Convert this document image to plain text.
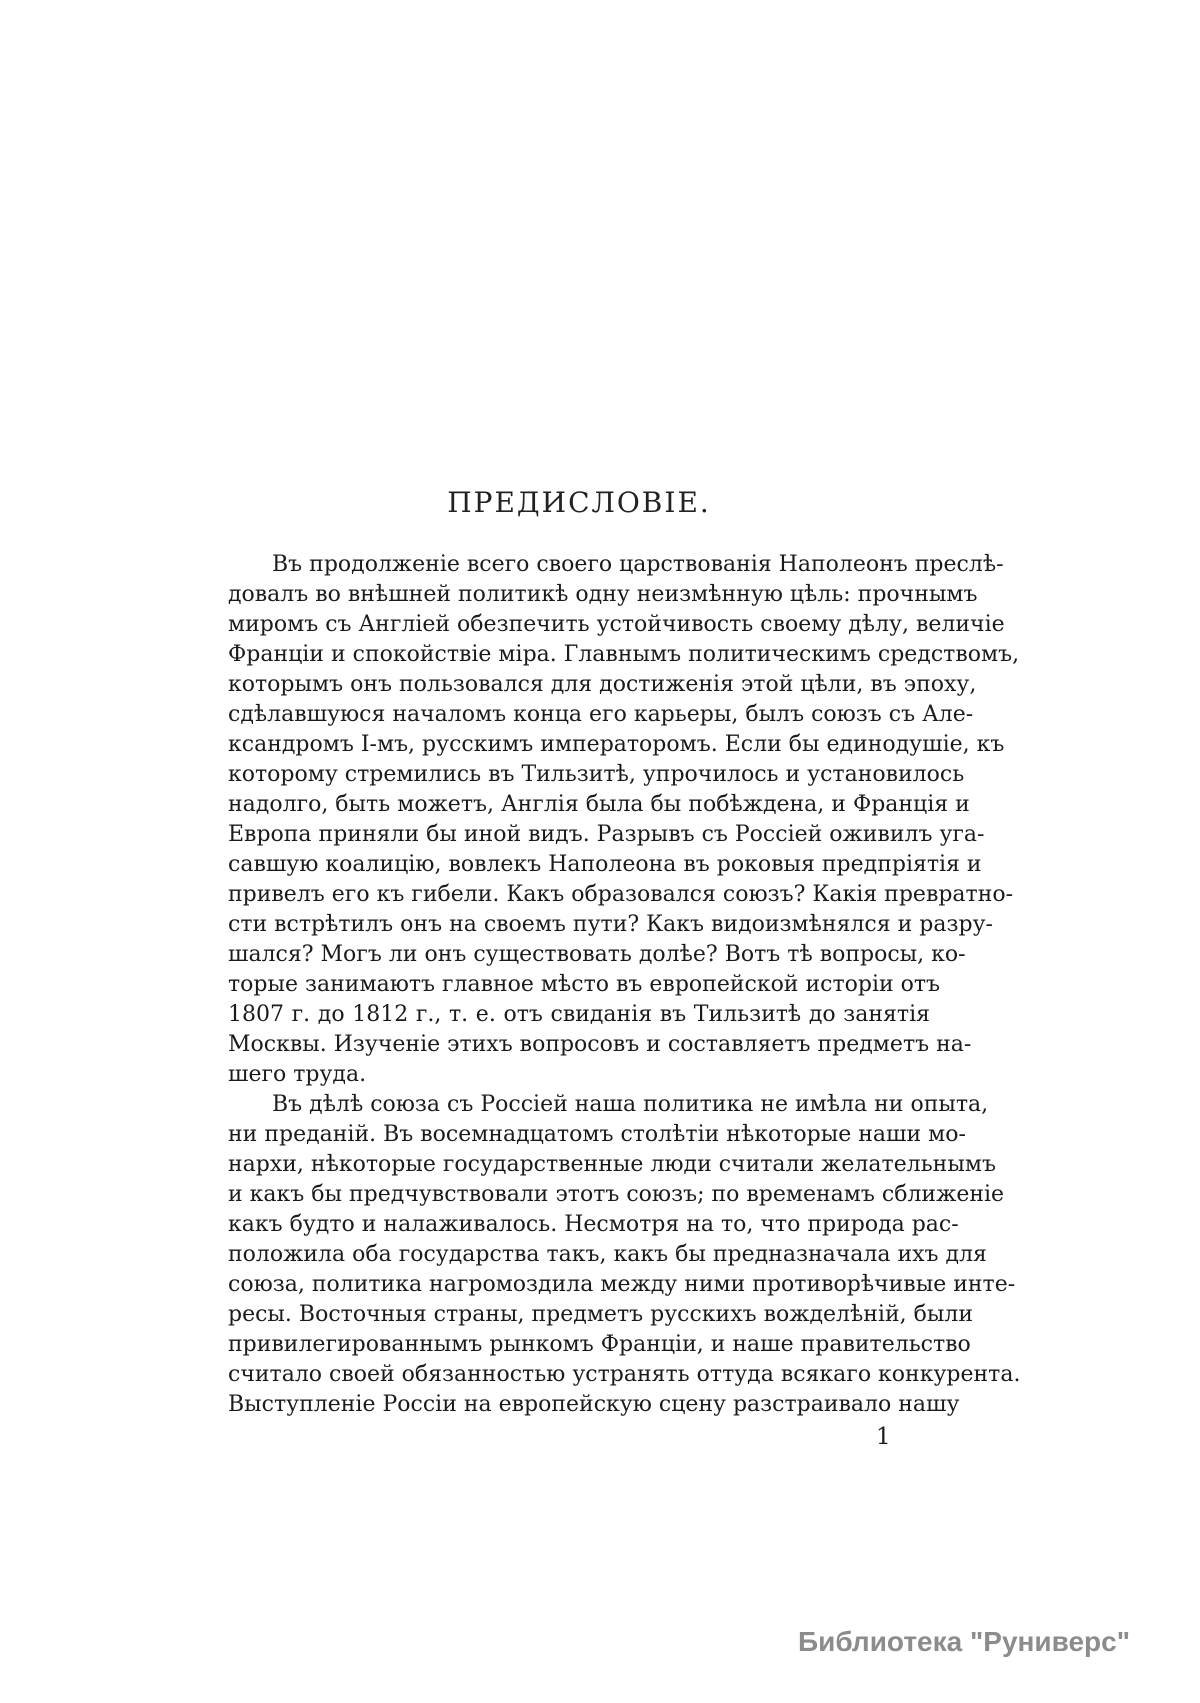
ПРЕДИСЛОВІЕ.
Въ продолженіе всего своего царствованія Наполеонъ преслѣ-
довалъ во внѣшней политикѣ одну неизмѣнную цѣль: прочнымъ
миромъ съ Англіей обезпечить устойчивость своему дѣлу, величіе
Франціи и спокойствіе міра. Главнымъ политическимъ средствомъ,
которымъ онъ пользовался для достиженія этой цѣли, въ эпоху,
сдѣлавшуюся началомъ конца его карьеры, былъ союзъ съ Але-
ксандромъ I-мъ, русскимъ императоромъ. Если бы единодушіе, къ
которому стремились въ Тильзитѣ, упрочилось и установилось
надолго, быть можетъ, Англія была бы побѣждена, и Франція и
Европа приняли бы иной видъ. Разрывъ съ Россіей оживилъ уга-
савшую коалицію, вовлекъ Наполеона въ роковыя предпріятія и
привелъ его къ гибели. Какъ образовался союзъ? Какія превратно-
сти встрѣтилъ онъ на своемъ пути? Какъ видоизмѣнялся и разру-
шался? Могъ ли онъ существовать долѣе? Вотъ тѣ вопросы, ко-
торые занимаютъ главное мѣсто въ европейской исторіи отъ
1807 г. до 1812 г., т. е. отъ свиданія въ Тильзитѣ до занятія
Москвы. Изученіе этихъ вопросовъ и составляетъ предметъ на-
шего труда.
Въ дѣлѣ союза съ Россіей наша политика не имѣла ни опыта,
ни преданій. Въ восемнадцатомъ столѣтіи нѣкоторые наши мо-
нархи, нѣкоторые государственные люди считали желательнымъ
и какъ бы предчувствовали этотъ союзъ; по временамъ сближеніе
какъ будто и налаживалось. Несмотря на то, что природа рас-
положила оба государства такъ, какъ бы предназначала ихъ для
союза, политика нагромоздила между ними противорѣчивые инте-
ресы. Восточныя страны, предметъ русскихъ вожделѣній, были
привилегированнымъ рынкомъ Франціи, и наше правительство
считало своей обязанностью устранять оттуда всякаго конкурента.
Выступленіе Россіи на европейскую сцену разстраивало нашу
1
Библиотека "Руниверс"
